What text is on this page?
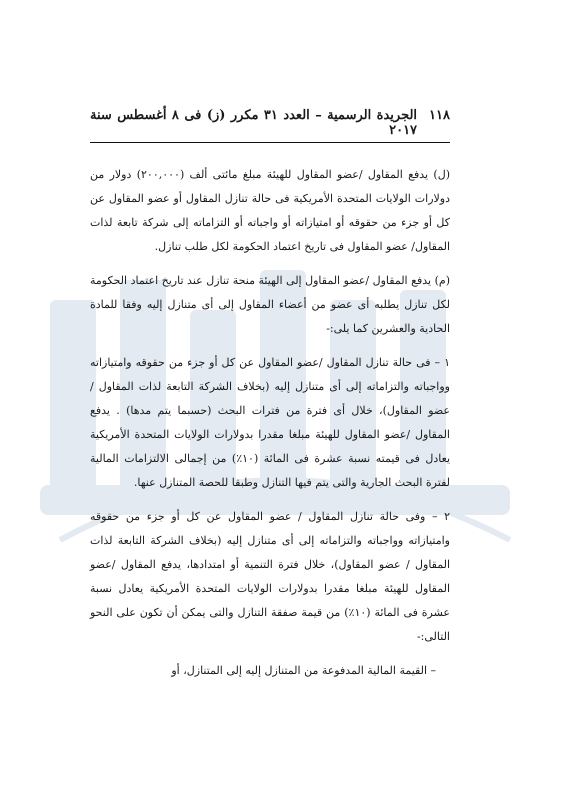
١١٨
الجريدة الرسمية – العدد ٣١ مكرر (ز) فى ٨ أغسطس سنة ٢٠١٧

(ل) يدفع المقاول /عضو المقاول للهيئة مبلغ مائتى ألف (٢٠٠,٠٠٠) دولار من دولارات الولايات المتحدة الأمريكية فى حالة تنازل المقاول أو عضو المقاول عن كل أو جزء من حقوقه أو امتيازاته أو واجباته أو التزاماته إلى شركة تابعة لذات المقاول/ عضو المقاول فى تاريخ اعتماد الحكومة لكل طلب تنازل.

(م) يدفع المقاول /عضو المقاول إلى الهيئة منحة تنازل عند تاريخ اعتماد الحكومة لكل تنازل يطلبه أى عضو من أعضاء المقاول إلى أى متنازل إليه وفقا للمادة الحادية والعشرين كما يلى:-

١ – فى حالة تنازل المقاول /عضو المقاول عن كل أو جزء من حقوقه وامتيازاته وواجباته والتزاماته إلى أى متنازل إليه (بخلاف الشركة التابعة لذات المقاول / عضو المقاول)، خلال أى فترة من فترات البحث (حسبما يتم مدها) . يدفع المقاول /عضو المقاول للهيئة مبلغا مقدرا بدولارات الولايات المتحدة الأمريكية يعادل فى قيمته نسبة عشرة فى المائة (١٠٪) من إجمالى الالتزامات المالية لفترة البحث الجارية والتى يتم فيها التنازل وطبقا للحصة المتنازل عنها.

٢ – وفى حالة تنازل المقاول / عضو المقاول عن كل أو جزء من حقوقه وامتيازاته وواجباته والتزاماته إلى أى متنازل إليه (بخلاف الشركة التابعة لذات المقاول / عضو المقاول)، خلال فترة التنمية أو امتدادها، يدفع المقاول /عضو المقاول للهيئة مبلغا مقدرا بدولارات الولايات المتحدة الأمريكية يعادل نسبة عشرة فى المائة (١٠٪) من قيمة صفقة التنازل والتى يمكن أن تكون على النحو التالى:-

– القيمة المالية المدفوعة من المتنازل إليه إلى المتنازل، أو
